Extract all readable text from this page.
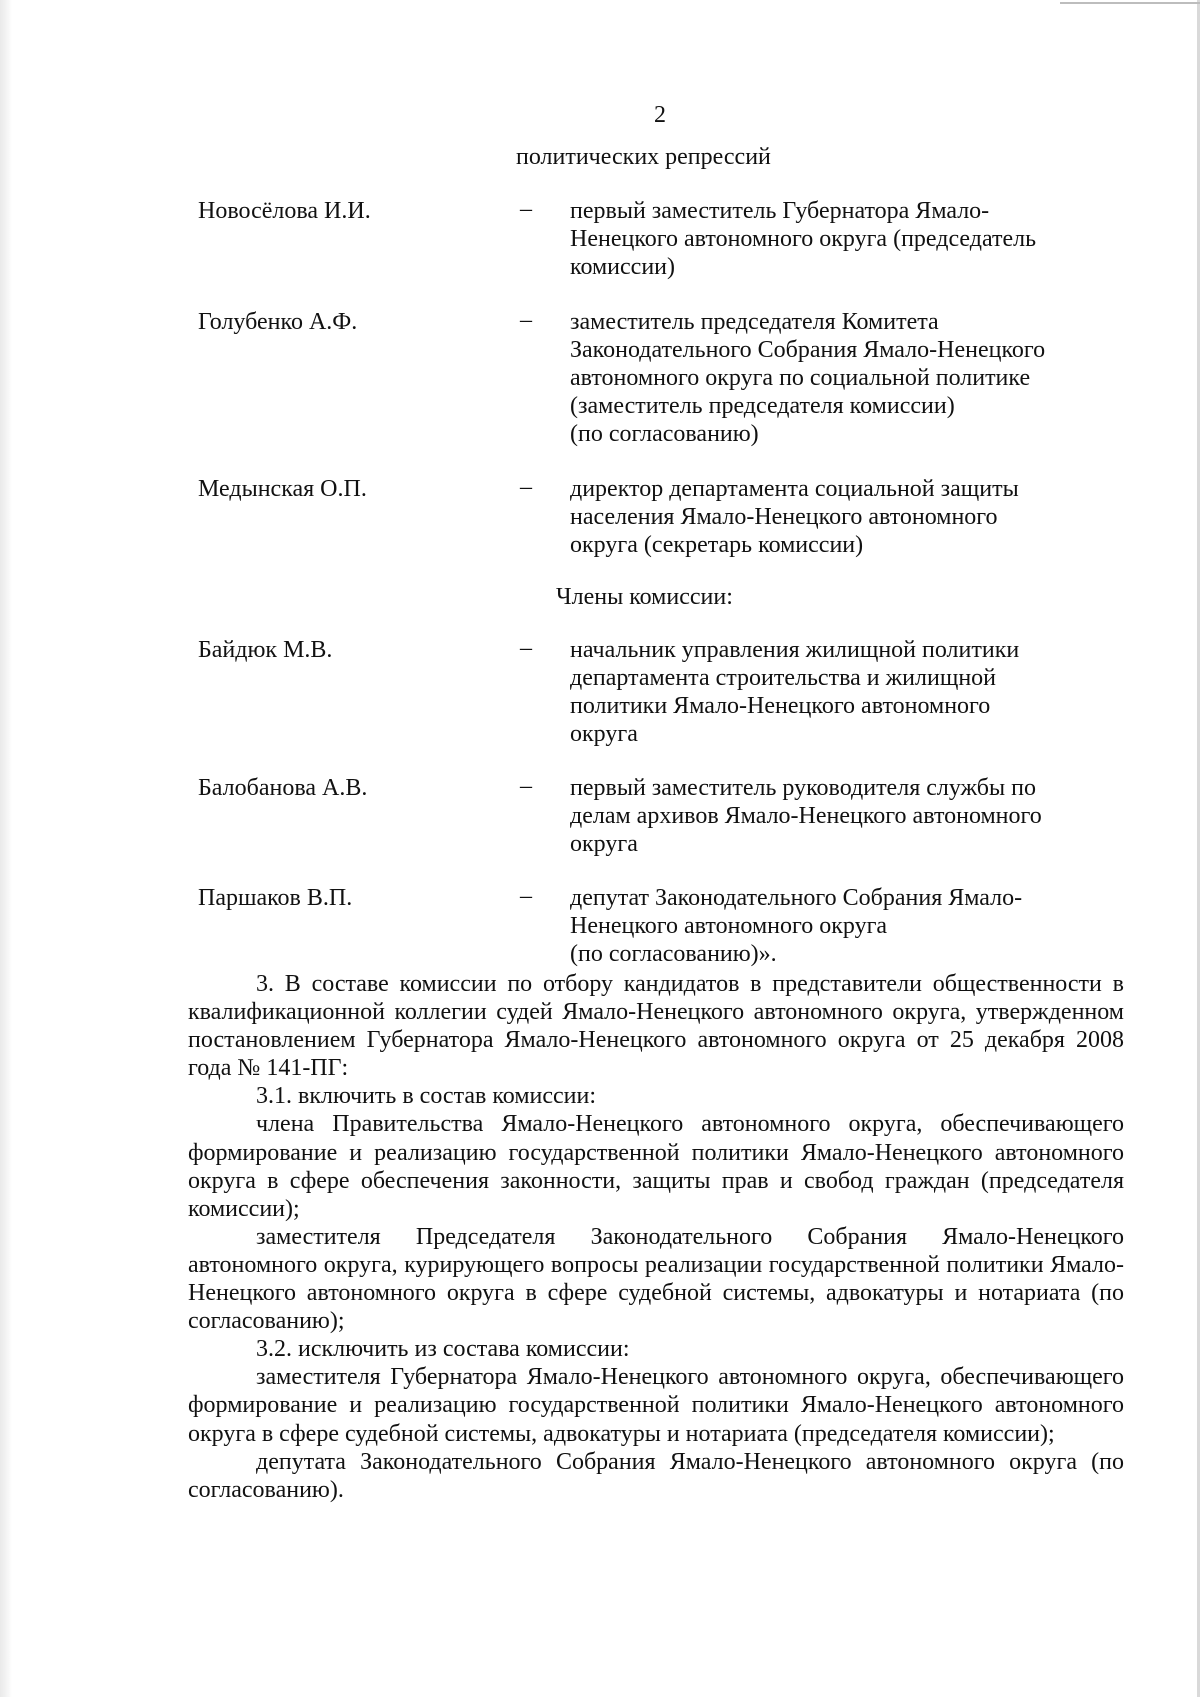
2
политических репрессий
Новосёлова И.И.	– первый заместитель Губернатора Ямало-
Ненецкого автономного округа (председатель
комиссии)
Голубенко А.Ф.	– заместитель председателя Комитета
Законодательного Собрания Ямало-Ненецкого
автономного округа по социальной политике
(заместитель председателя комиссии)
(по согласованию)
Медынская О.П.	– директор департамента социальной защиты
населения Ямало-Ненецкого автономного
округа (секретарь комиссии)
Члены комиссии:
Байдюк М.В.	– начальник управления жилищной политики
департамента строительства и жилищной
политики Ямало-Ненецкого автономного
округа
Балобанова А.В.	– первый заместитель руководителя службы по
делам архивов Ямало-Ненецкого автономного
округа
Паршаков В.П.	– депутат Законодательного Собрания Ямало-
Ненецкого автономного округа
(по согласованию)».

3. В составе комиссии по отбору кандидатов в представители общественности в квалификационной коллегии судей Ямало-Ненецкого автономного округа, утвержденном постановлением Губернатора Ямало-Ненецкого автономного округа от 25 декабря 2008 года № 141-ПГ:

3.1. включить в состав комиссии:

члена Правительства Ямало-Ненецкого автономного округа, обеспечивающего формирование и реализацию государственной политики Ямало-Ненецкого автономного округа в сфере обеспечения законности, защиты прав и свобод граждан (председателя комиссии);

заместителя Председателя Законодательного Собрания Ямало-Ненецкого автономного округа, курирующего вопросы реализации государственной политики Ямало-Ненецкого автономного округа в сфере судебной системы, адвокатуры и нотариата (по согласованию);

3.2. исключить из состава комиссии:

заместителя Губернатора Ямало-Ненецкого автономного округа, обеспечивающего формирование и реализацию государственной политики Ямало-Ненецкого автономного округа в сфере судебной системы, адвокатуры и нотариата (председателя комиссии);

депутата Законодательного Собрания Ямало-Ненецкого автономного округа (по согласованию).
